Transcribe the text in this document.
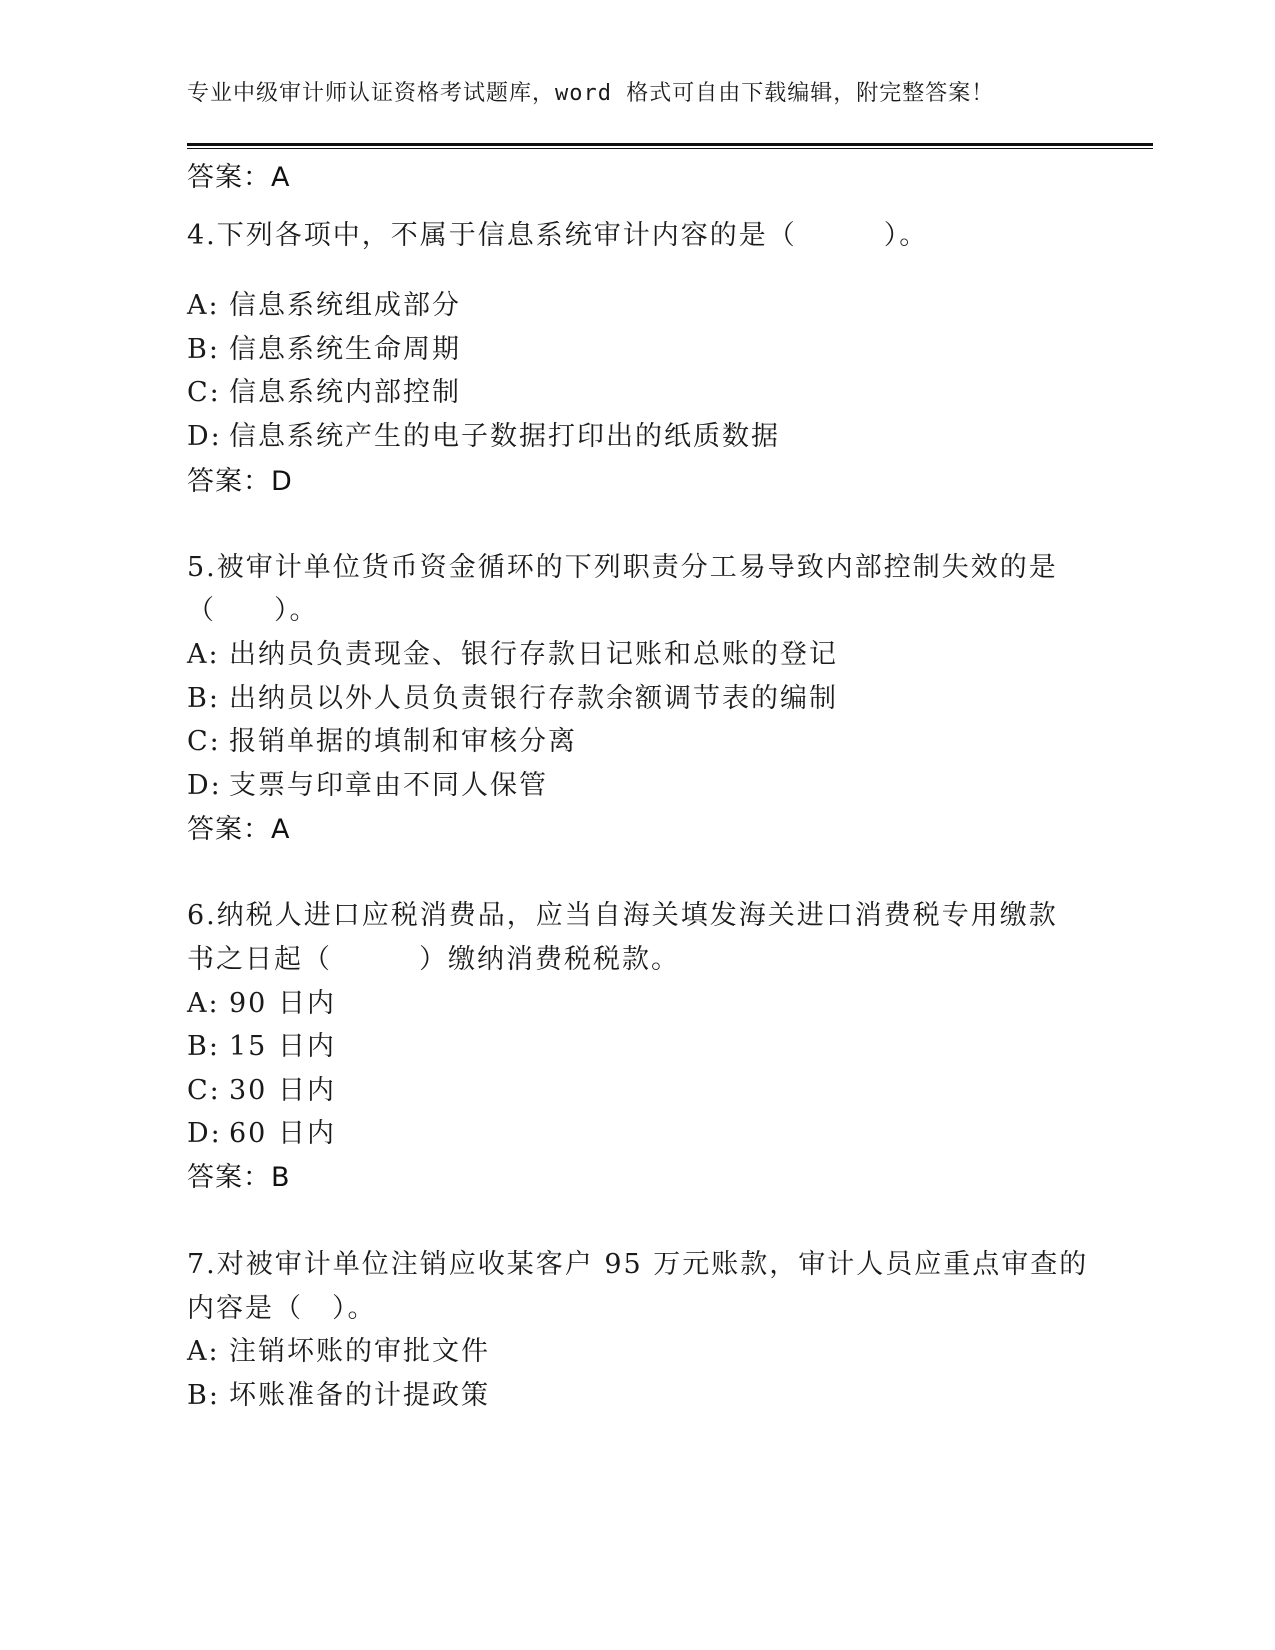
专业中级审计师认证资格考试题库，word 格式可自由下载编辑，附完整答案！
答案：A
4.下列各项中，不属于信息系统审计内容的是（　　　）。
A: 信息系统组成部分
B: 信息系统生命周期
C: 信息系统内部控制
D: 信息系统产生的电子数据打印出的纸质数据
答案：D
5.被审计单位货币资金循环的下列职责分工易导致内部控制失效的是
（　　）。
A: 出纳员负责现金、银行存款日记账和总账的登记
B: 出纳员以外人员负责银行存款余额调节表的编制
C: 报销单据的填制和审核分离
D: 支票与印章由不同人保管
答案：A
6.纳税人进口应税消费品，应当自海关填发海关进口消费税专用缴款
书之日起（　　　）缴纳消费税税款。
A: 90 日内
B: 15 日内
C: 30 日内
D: 60 日内
答案：B
7.对被审计单位注销应收某客户 95 万元账款，审计人员应重点审查的
内容是（　）。
A: 注销坏账的审批文件
B: 坏账准备的计提政策
